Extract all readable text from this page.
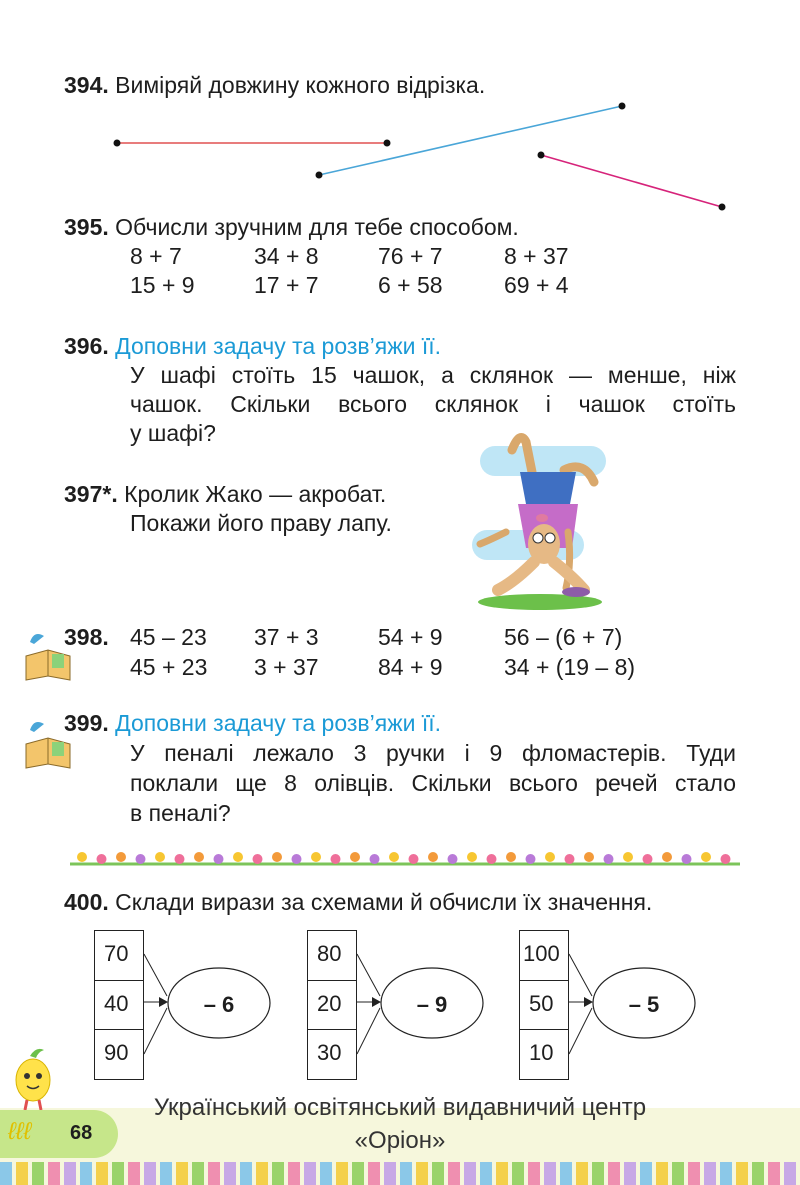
394. Виміряй довжину кожного відрізка.
395. Обчисли зручним для тебе способом.
8 + 7	34 + 8	76 + 7	8 + 37
15 + 9	17 + 7	6 + 58	69 + 4
396. Доповни задачу та розв’яжи її.
У шафі стоїть 15 чашок, а склянок — менше, ніж
чашок. Скільки всього склянок і чашок стоїть
у шафі?
397*. Кролик Жако — акробат.
Покажи його праву лапу.
398. 45 – 23	37 + 3	54 + 9	56 – (6 + 7)
45 + 23	3 + 37	84 + 9	34 + (19 – 8)
399. Доповни задачу та розв’яжи її.
У пеналі лежало 3 ручки і 9 фломастерів. Туди
поклали ще 8 олівців. Скільки всього речей стало
в пеналі?
400. Склади вирази за схемами й обчисли їх значення.
70
40
90
– 6
80
20
30
– 9
100
50
10
– 5
68
ℓℓℓ
Український освітянський видавничий центр
«Оріон»
